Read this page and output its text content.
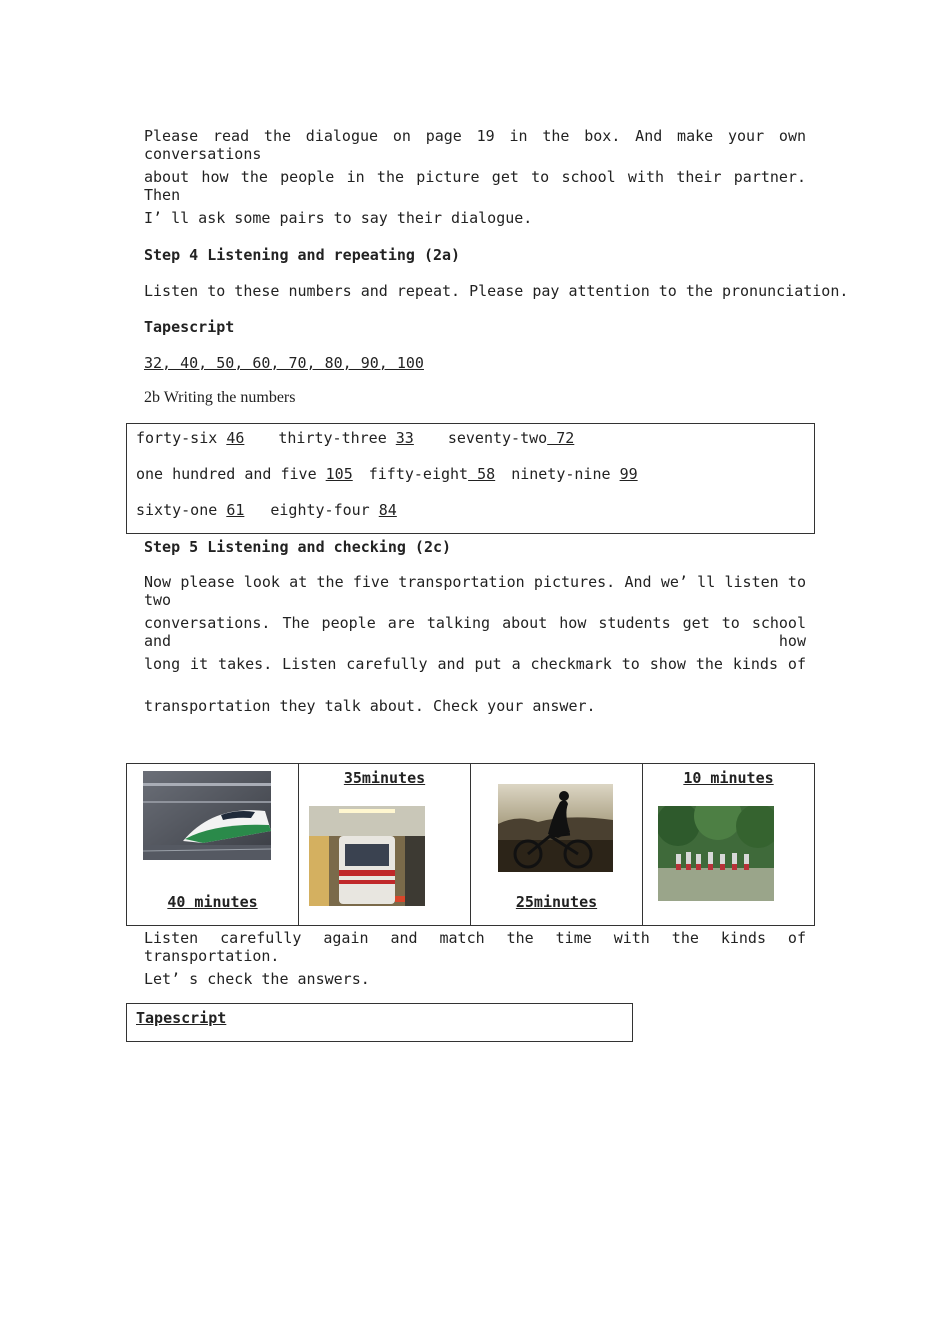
Please read the dialogue on page 19 in the box. And make your own conversations
about how the people in the picture get to school with their partner. Then
I’ ll ask some pairs to say their dialogue.
Step 4 Listening and repeating (2a)
Listen to these numbers and repeat. Please pay attention to the pronunciation.
Tapescript
32, 40, 50, 60, 70, 80, 90, 100
2b Writing the numbers
forty-six 46 thirty-three 33 seventy-two 72
one hundred and five 105 fifty-eight 58 ninety-nine 99
sixty-one 61 eighty-four 84
Step 5 Listening and checking (2c)
Now please look at the five transportation pictures. And we’ ll listen to two
conversations. The people are talking about how students get to school and how
long it takes. Listen carefully and put a checkmark to show the kinds of
transportation they talk about. Check your answer.
40 minutes

35minutes

25minutes

10 minutes
Listen carefully again and match the time with the kinds of transportation.
Let’ s check the answers.
Tapescript
